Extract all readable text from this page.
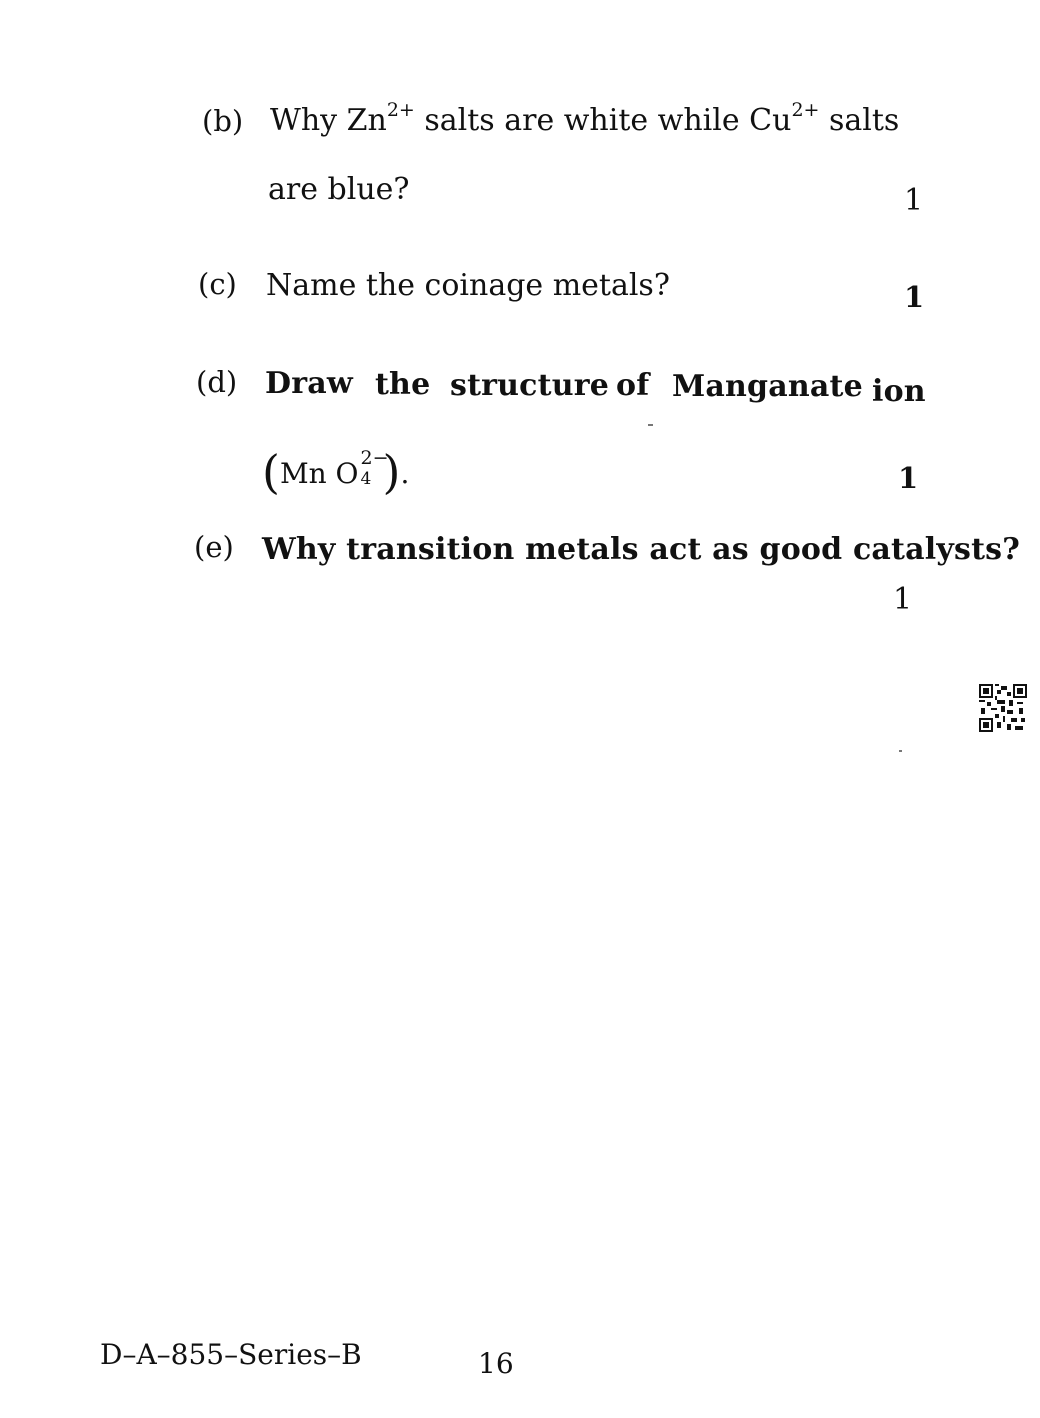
(b) Why $Zn^{2+}$ salts are white while $Cu^{2+}$ salts
are blue?	1
(c) Name the coinage metals?	1
(d) Draw the structure of Manganate ion
(Mn O 2−
4 ).	1
(e) Why transition metals act as good catalysts?
1
D–A–855–Series–B	16
